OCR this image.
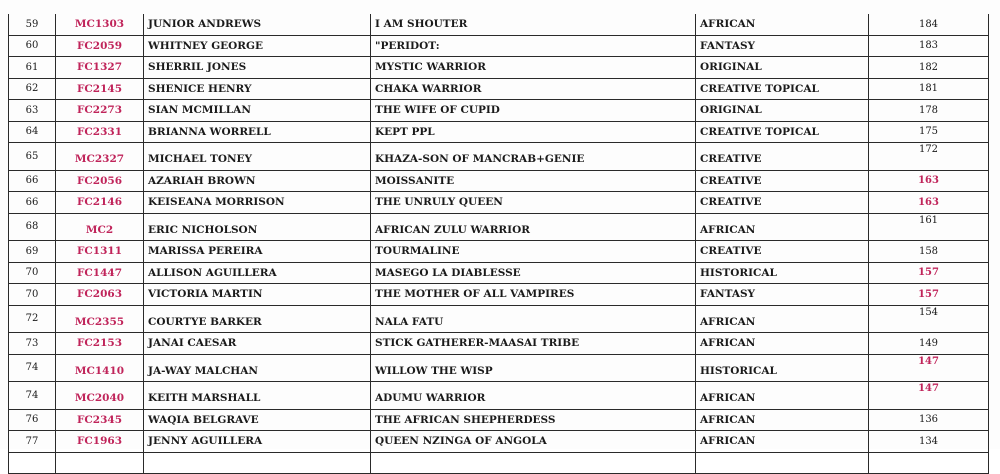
59	MC1303	JUNIOR ANDREWS	I AM SHOUTER	AFRICAN	184
60	FC2059	WHITNEY GEORGE	"PERIDOT:	FANTASY	183
61	FC1327	SHERRIL JONES	MYSTIC WARRIOR	ORIGINAL	182
62	FC2145	SHENICE HENRY	CHAKA WARRIOR	CREATIVE TOPICAL	181
63	FC2273	SIAN MCMILLAN	THE WIFE OF CUPID	ORIGINAL	178
64	FC2331	BRIANNA WORRELL	KEPT PPL	CREATIVE TOPICAL	175
65	MC2327	MICHAEL TONEY	KHAZA-SON OF MANCRAB+GENIE	CREATIVE	172
66	FC2056	AZARIAH BROWN	MOISSANITE	CREATIVE	163
66	FC2146	KEISEANA MORRISON	THE UNRULY QUEEN	CREATIVE	163
68	MC2	ERIC NICHOLSON	AFRICAN ZULU WARRIOR	AFRICAN	161
69	FC1311	MARISSA PEREIRA	TOURMALINE	CREATIVE	158
70	FC1447	ALLISON AGUILLERA	MASEGO LA DIABLESSE	HISTORICAL	157
70	FC2063	VICTORIA MARTIN	THE MOTHER OF ALL VAMPIRES	FANTASY	157
72	MC2355	COURTYE BARKER	NALA FATU	AFRICAN	154
73	FC2153	JANAI CAESAR	STICK GATHERER-MAASAI TRIBE	AFRICAN	149
74	MC1410	JA-WAY MALCHAN	WILLOW THE WISP	HISTORICAL	147
74	MC2040	KEITH MARSHALL	ADUMU WARRIOR	AFRICAN	147
76	FC2345	WAQIA BELGRAVE	THE AFRICAN SHEPHERDESS	AFRICAN	136
77	FC1963	JENNY AGUILLERA	QUEEN NZINGA OF ANGOLA	AFRICAN	134
